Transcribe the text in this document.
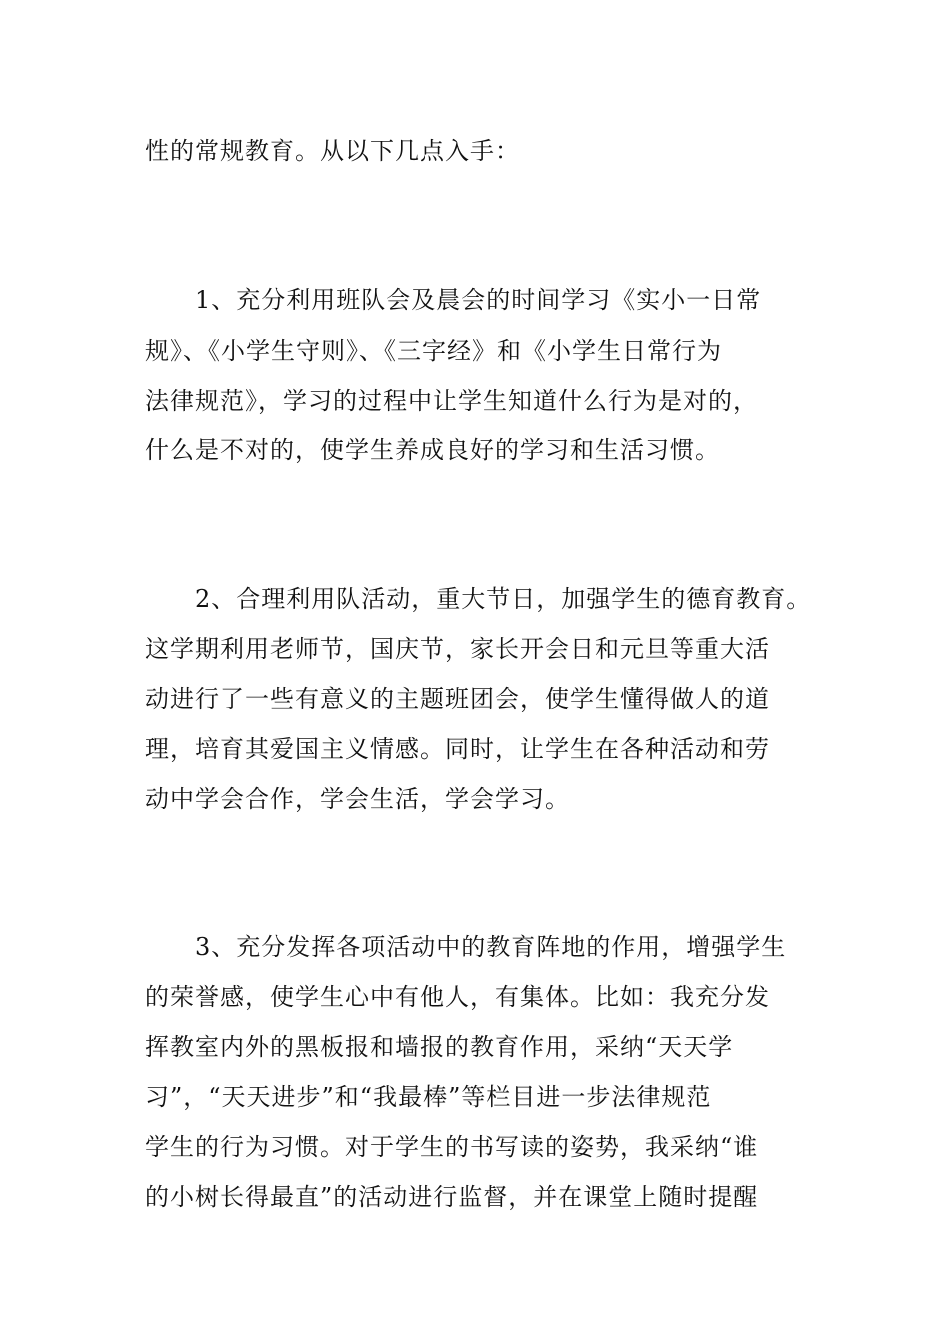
性的常规教育。从以下几点入手：
1、充分利用班队会及晨会的时间学习《实小一日常
规》、《小学生守则》、《三字经》和《小学生日常行为
法律规范》，学习的过程中让学生知道什么行为是对的，
什么是不对的，使学生养成良好的学习和生活习惯。
2、合理利用队活动，重大节日，加强学生的德育教育。
这学期利用老师节，国庆节，家长开会日和元旦等重大活
动进行了一些有意义的主题班团会，使学生懂得做人的道
理，培育其爱国主义情感。同时，让学生在各种活动和劳
动中学会合作，学会生活，学会学习。
3、充分发挥各项活动中的教育阵地的作用，增强学生
的荣誉感，使学生心中有他人，有集体。比如：我充分发
挥教室内外的黑板报和墙报的教育作用，采纳“天天学
习”，“天天进步”和“我最棒”等栏目进一步法律规范
学生的行为习惯。对于学生的书写读的姿势，我采纳“谁
的小树长得最直”的活动进行监督，并在课堂上随时提醒
